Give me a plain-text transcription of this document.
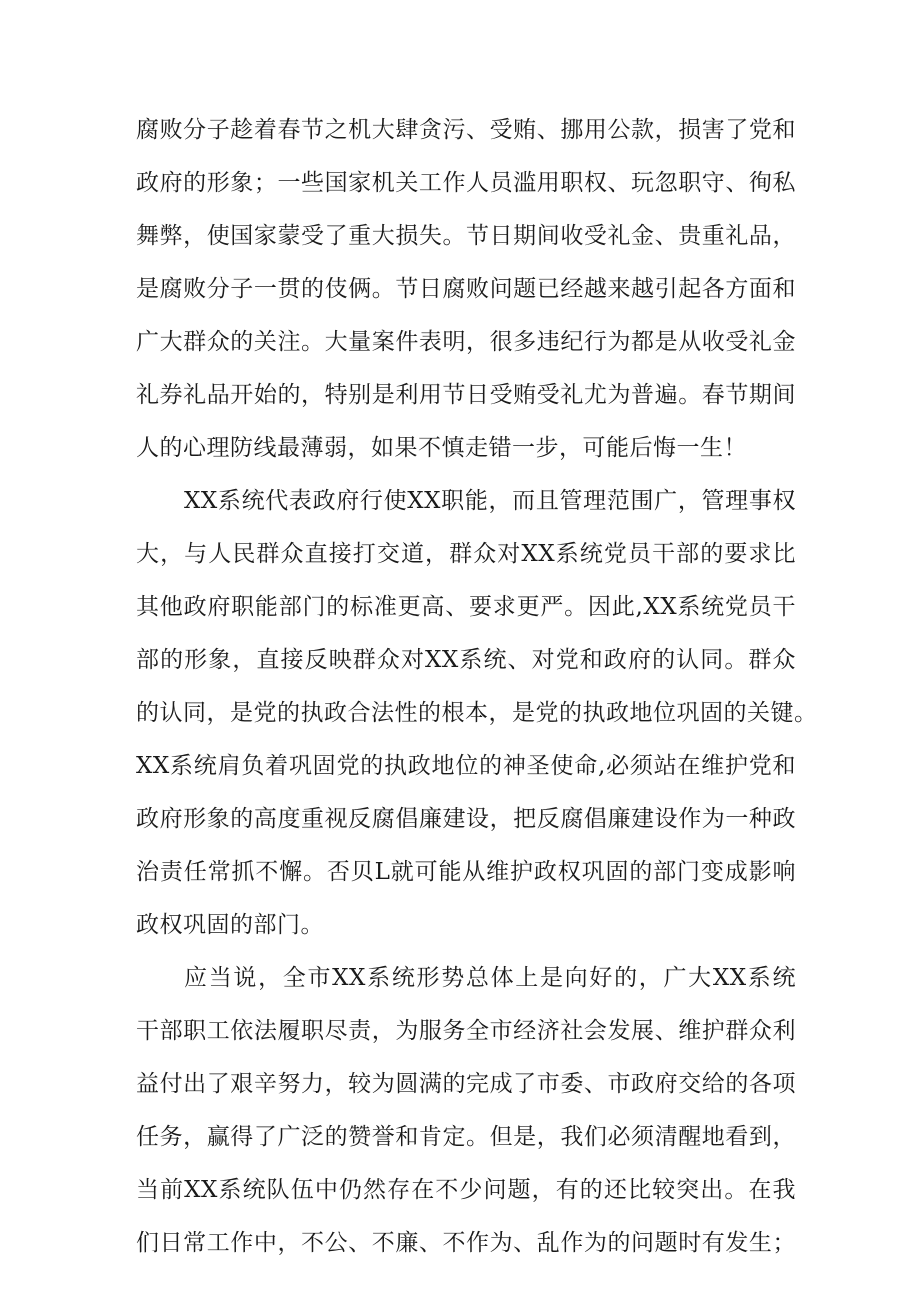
腐败分子趁着春节之机大肆贪污、受贿、挪用公款，损害了党和
政府的形象；一些国家机关工作人员滥用职权、玩忽职守、徇私
舞弊，使国家蒙受了重大损失。节日期间收受礼金、贵重礼品，
是腐败分子一贯的伎俩。节日腐败问题已经越来越引起各方面和
广大群众的关注。大量案件表明，很多违纪行为都是从收受礼金
礼券礼品开始的，特别是利用节日受贿受礼尤为普遍。春节期间
人的心理防线最薄弱，如果不慎走错一步，可能后悔一生！
XX系统代表政府行使XX职能，而且管理范围广，管理事权
大，与人民群众直接打交道，群众对XX系统党员干部的要求比
其他政府职能部门的标准更高、要求更严。因此,XX系统党员干
部的形象，直接反映群众对XX系统、对党和政府的认同。群众
的认同，是党的执政合法性的根本，是党的执政地位巩固的关键。
XX系统肩负着巩固党的执政地位的神圣使命,必须站在维护党和
政府形象的高度重视反腐倡廉建设，把反腐倡廉建设作为一种政
治责任常抓不懈。否贝L就可能从维护政权巩固的部门变成影响
政权巩固的部门。
应当说，全市XX系统形势总体上是向好的，广大XX系统
干部职工依法履职尽责，为服务全市经济社会发展、维护群众利
益付出了艰辛努力，较为圆满的完成了市委、市政府交给的各项
任务，赢得了广泛的赞誉和肯定。但是，我们必须清醒地看到，
当前XX系统队伍中仍然存在不少问题，有的还比较突出。在我
们日常工作中，不公、不廉、不作为、乱作为的问题时有发生；
